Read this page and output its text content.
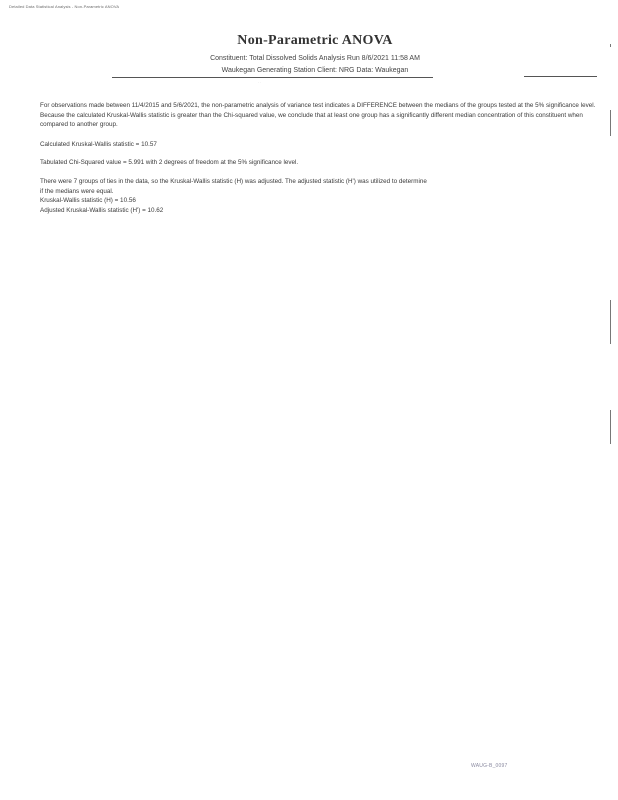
Detailed Data Statistical Analysis - Non-Parametric ANOVA
Non-Parametric ANOVA
Constituent: Total Dissolved Solids Analysis Run 8/6/2021 11:58 AM
Waukegan Generating Station Client: NRG Data: Waukegan
· ·

For observations made between 11/4/2015 and 5/6/2021, the non-parametric analysis of variance test indicates a DIFFERENCE between the medians of the groups tested at the 5% significance level. Because the calculated Kruskal-Wallis statistic is greater than the Chi-squared value, we conclude that at least one group has a significantly different median concentration of this constituent when compared to another group.

Calculated Kruskal-Wallis statistic = 10.57

Tabulated Chi-Squared value = 5.991 with 2 degrees of freedom at the 5% significance level.

There were 7 groups of ties in the data, so the Kruskal-Wallis statistic (H) was adjusted. The adjusted statistic (H') was utilized to determine
if the medians were equal.
Kruskal-Wallis statistic (H) = 10.56
Adjusted Kruskal-Wallis statistic (H') = 10.62
WAUG-B_0097
